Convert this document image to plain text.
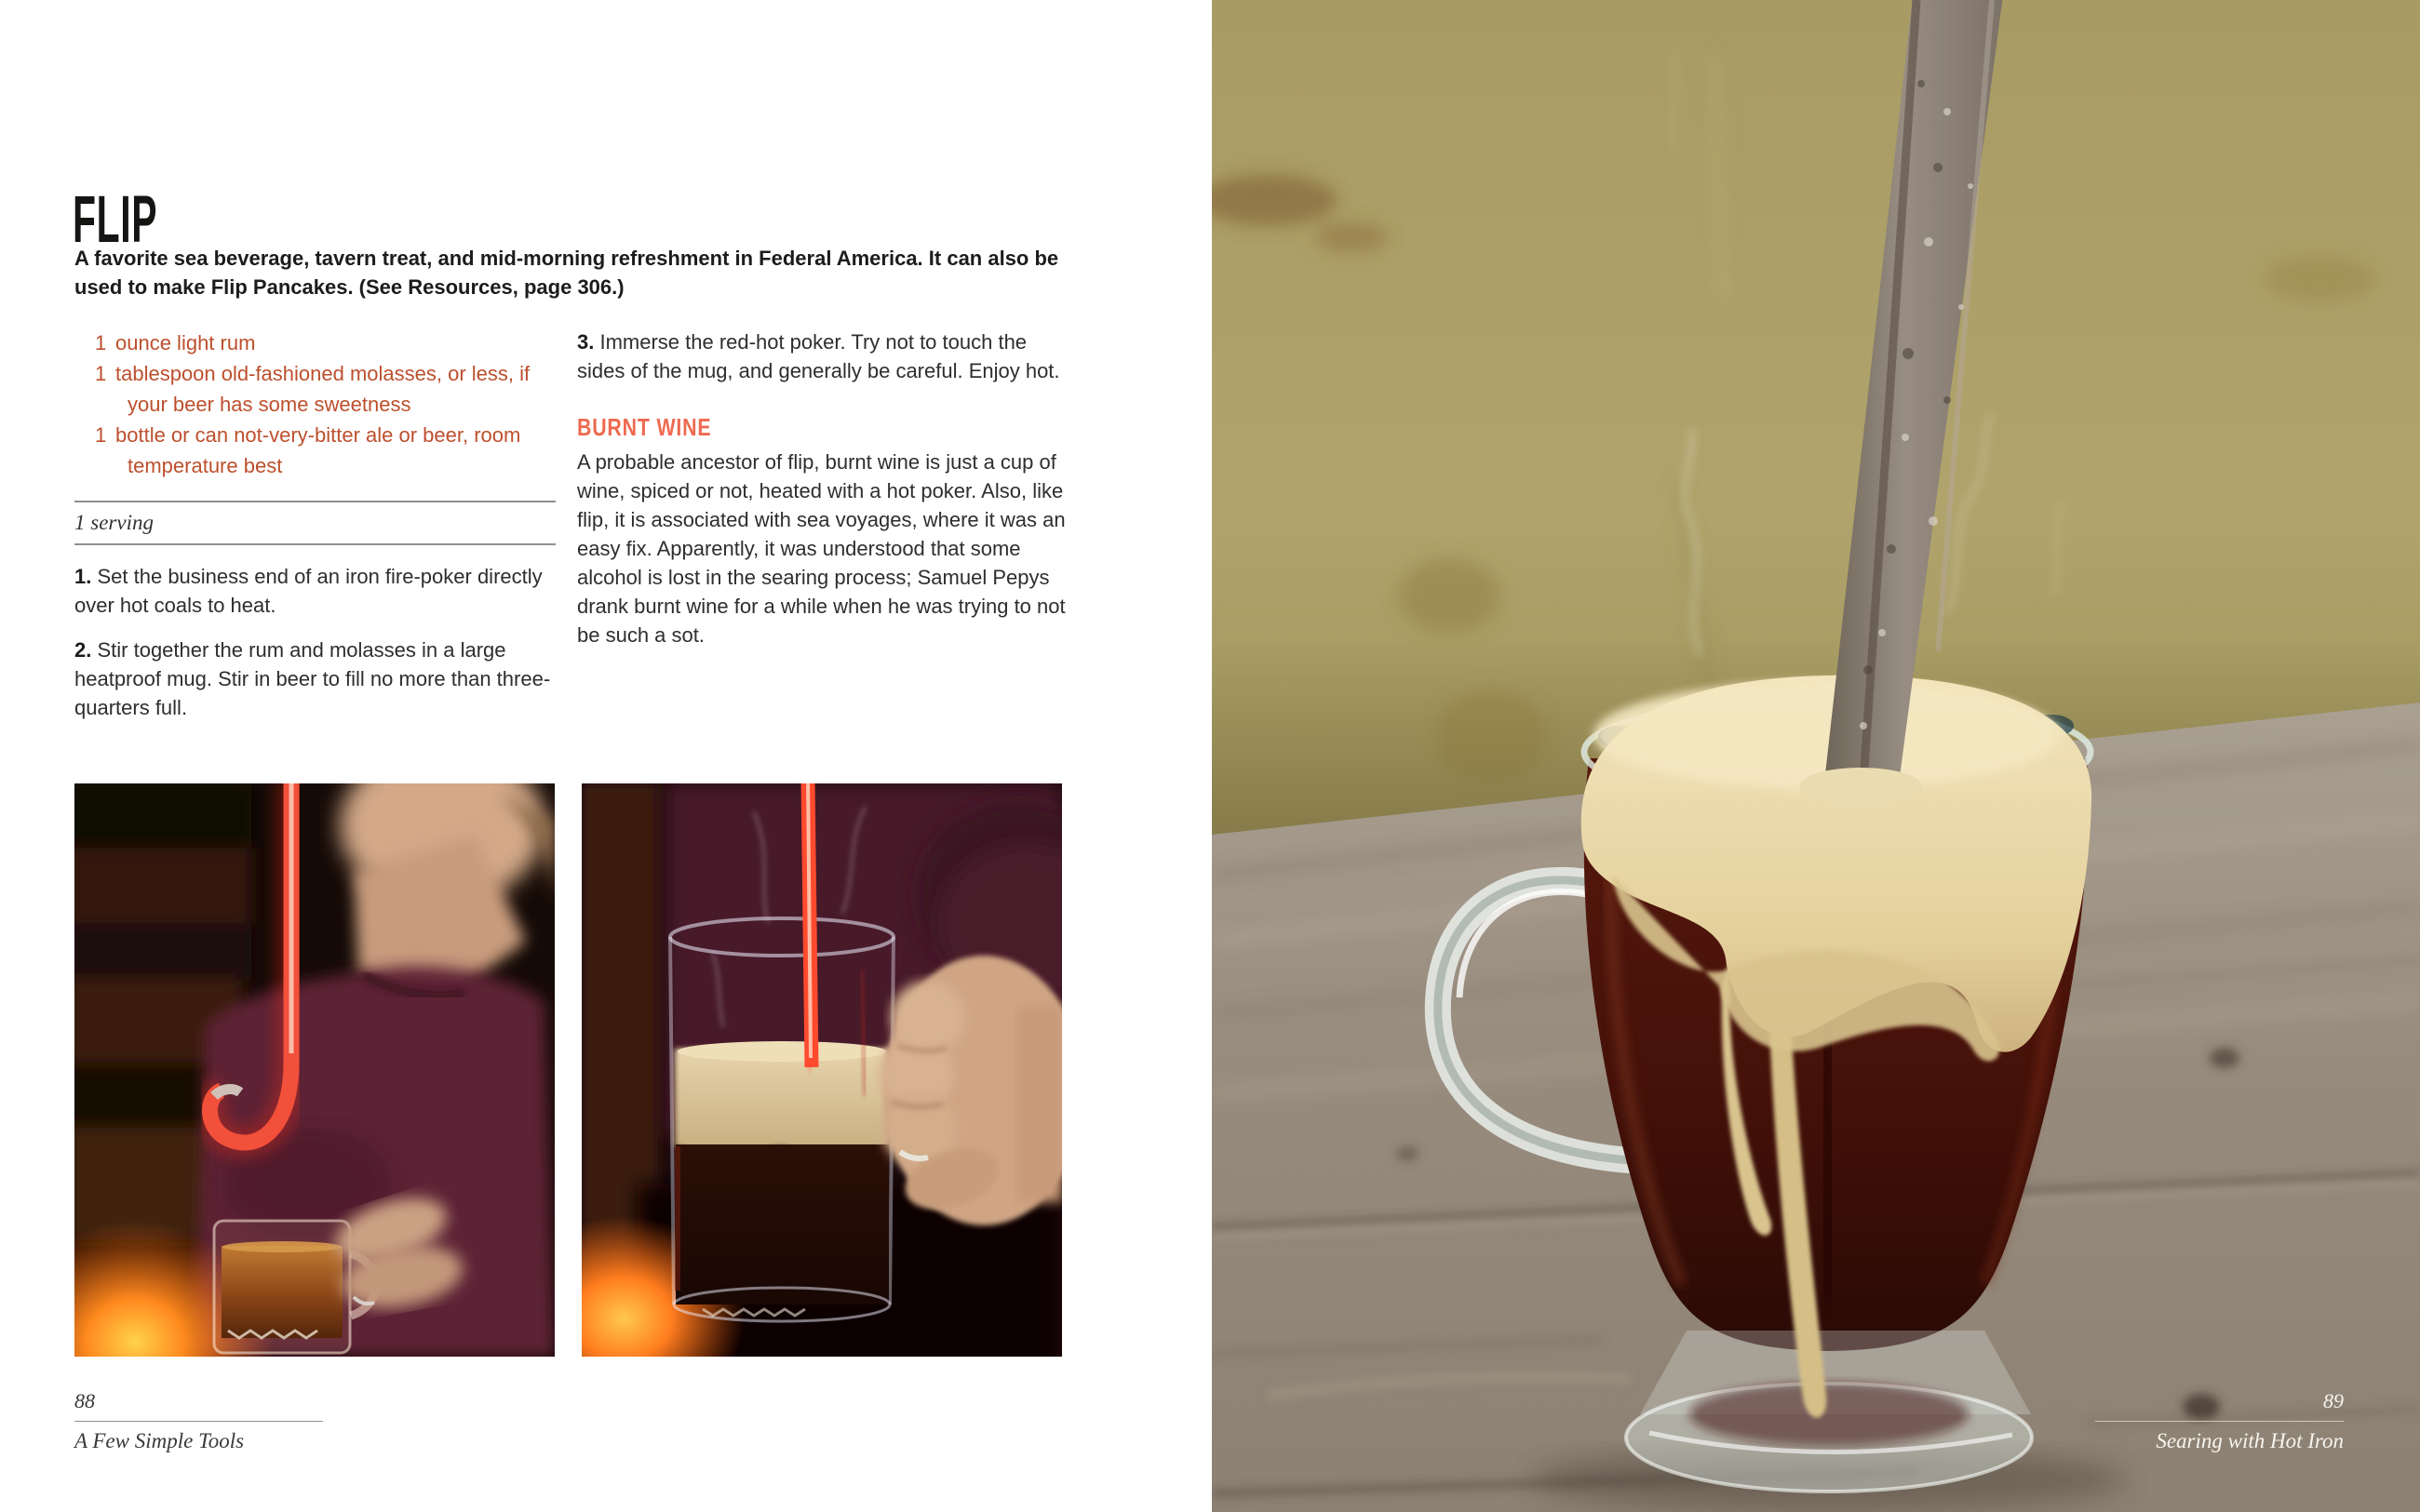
FLIP

A favorite sea beverage, tavern treat, and mid-morning refreshment in Federal America. It can also be used to make Flip Pancakes. (See Resources, page 306.)

1 ounce light rum
1 tablespoon old-fashioned molasses, or less, if your beer has some sweetness
1 bottle or can not-very-bitter ale or beer, room temperature best
1 serving

1. Set the business end of an iron fire-poker directly over hot coals to heat.

2. Stir together the rum and molasses in a large heatproof mug. Stir in beer to fill no more than three-quarters full.

3. Immerse the red-hot poker. Try not to touch the sides of the mug, and generally be careful. Enjoy hot.

BURNT WINE

A probable ancestor of flip, burnt wine is just a cup of wine, spiced or not, heated with a hot poker. Also, like flip, it is associated with sea voyages, where it was an easy fix. Apparently, it was understood that some alcohol is lost in the searing process; Samuel Pepys drank burnt wine for a while when he was trying to not be such a sot.

88
A Few Simple Tools
89
Searing with Hot Iron
